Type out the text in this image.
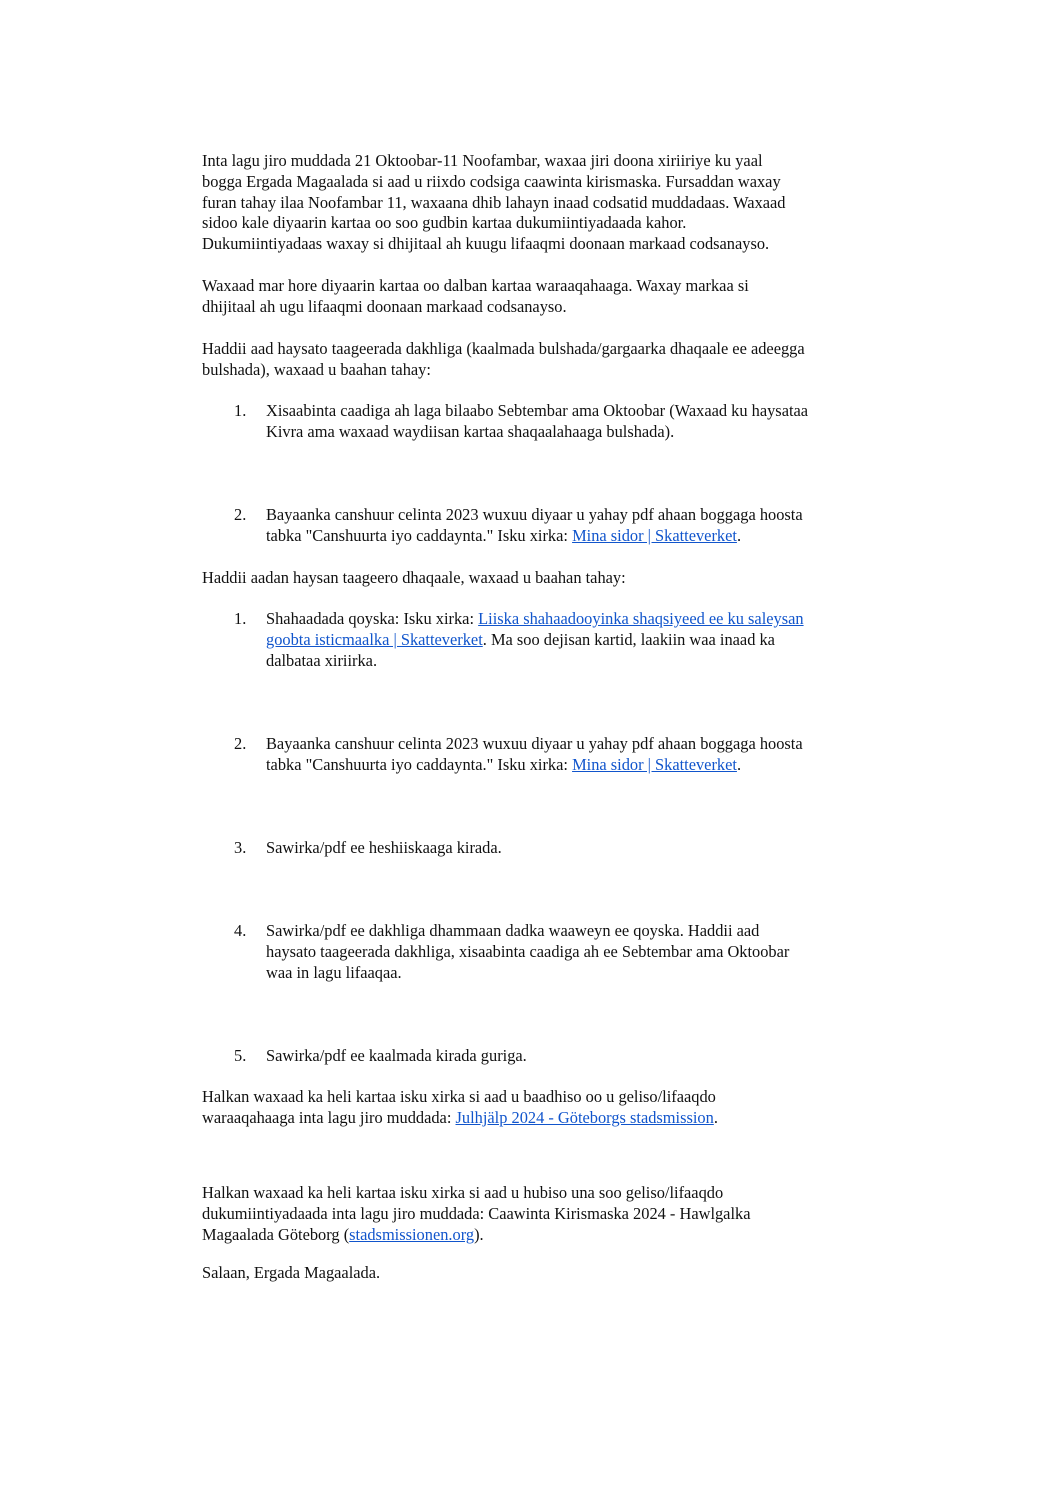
Inta lagu jiro muddada 21 Oktoobar-11 Noofambar, waxaa jiri doona xiriiriye ku yaal
bogga Ergada Magaalada si aad u riixdo codsiga caawinta kirismaska. Fursaddan waxay
furan tahay ilaa Noofambar 11, waxaana dhib lahayn inaad codsatid muddadaas. Waxaad
sidoo kale diyaarin kartaa oo soo gudbin kartaa dukumiintiyadaada kahor.
Dukumiintiyadaas waxay si dhijitaal ah kuugu lifaaqmi doonaan markaad codsanayso.
Waxaad mar hore diyaarin kartaa oo dalban kartaa waraaqahaaga. Waxay markaa si
dhijitaal ah ugu lifaaqmi doonaan markaad codsanayso.
Haddii aad haysato taageerada dakhliga (kaalmada bulshada/gargaarka dhaqaale ee adeegga
bulshada), waxaad u baahan tahay:
1. Xisaabinta caadiga ah laga bilaabo Sebtembar ama Oktoobar (Waxaad ku haysataa
Kivra ama waxaad waydiisan kartaa shaqaalahaaga bulshada).
2. Bayaanka canshuur celinta 2023 wuxuu diyaar u yahay pdf ahaan boggaga hoosta
tabka "Canshuurta iyo caddaynta." Isku xirka: Mina sidor | Skatteverket.
Haddii aadan haysan taageero dhaqaale, waxaad u baahan tahay:
1. Shahaadada qoyska: Isku xirka: Liiska shahaadooyinka shaqsiyeed ee ku saleysan
goobta isticmaalka | Skatteverket. Ma soo dejisan kartid, laakiin waa inaad ka
dalbataa xiriirka.
2. Bayaanka canshuur celinta 2023 wuxuu diyaar u yahay pdf ahaan boggaga hoosta
tabka "Canshuurta iyo caddaynta." Isku xirka: Mina sidor | Skatteverket.
3. Sawirka/pdf ee heshiiskaaga kirada.
4. Sawirka/pdf ee dakhliga dhammaan dadka waaweyn ee qoyska. Haddii aad
haysato taageerada dakhliga, xisaabinta caadiga ah ee Sebtembar ama Oktoobar
waa in lagu lifaaqaa.
5. Sawirka/pdf ee kaalmada kirada guriga.
Halkan waxaad ka heli kartaa isku xirka si aad u baadhiso oo u geliso/lifaaqdo
waraaqahaaga inta lagu jiro muddada: Julhjälp 2024 - Göteborgs stadsmission.
Halkan waxaad ka heli kartaa isku xirka si aad u hubiso una soo geliso/lifaaqdo
dukumiintiyadaada inta lagu jiro muddada: Caawinta Kirismaska 2024 - Hawlgalka
Magaalada Göteborg (stadsmissionen.org).
Salaan, Ergada Magaalada.
